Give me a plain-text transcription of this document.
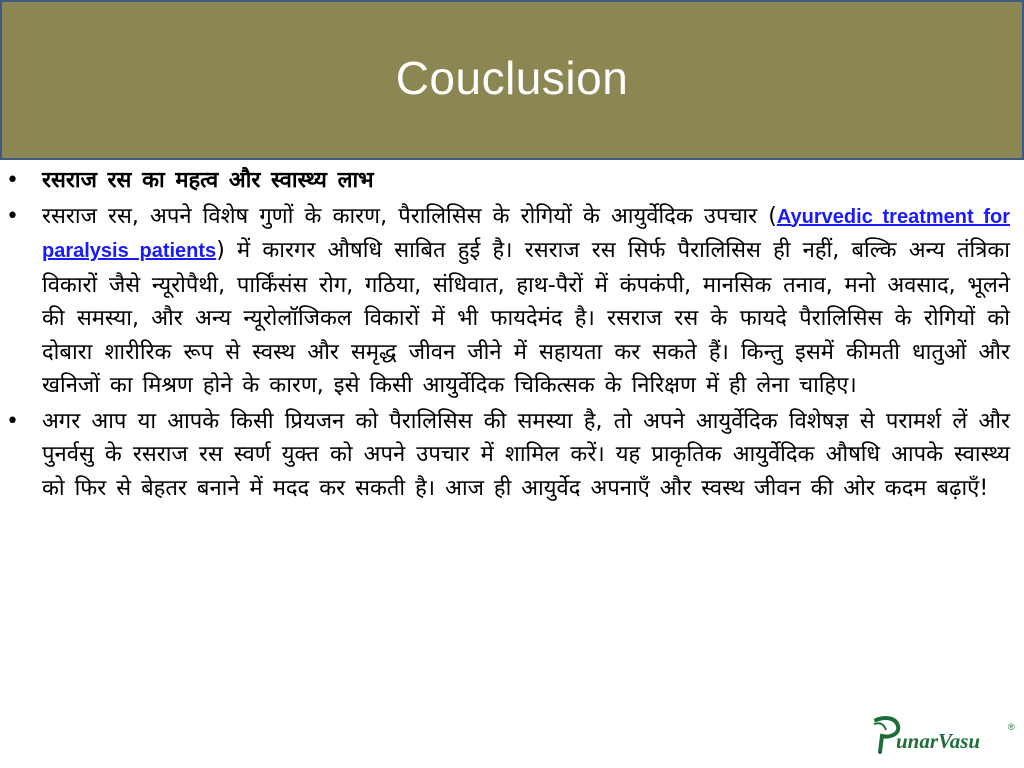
Couclusion
• रसराज रस का महत्व और स्वास्थ्य लाभ
• रसराज रस, अपने विशेष गुणों के कारण, पैरालिसिस के रोगियों के आयुर्वेदिक उपचार (Ayurvedic treatment for paralysis patients) में कारगर औषधि साबित हुई है। रसराज रस सिर्फ पैरालिसिस ही नहीं, बल्कि अन्य तंत्रिका विकारों जैसे न्यूरोपैथी, पार्किंसंस रोग, गठिया, संधिवात, हाथ-पैरों में कंपकंपी, मानसिक तनाव, मनो अवसाद, भूलने की समस्या, और अन्य न्यूरोलॉजिकल विकारों में भी फायदेमंद है। रसराज रस के फायदे पैरालिसिस के रोगियों को दोबारा शारीरिक रूप से स्वस्थ और समृद्ध जीवन जीने में सहायता कर सकते हैं। किन्तु इसमें कीमती धातुओं और खनिजों का मिश्रण होने के कारण, इसे किसी आयुर्वेदिक चिकित्सक के निरिक्षण में ही लेना चाहिए।
• अगर आप या आपके किसी प्रियजन को पैरालिसिस की समस्या है, तो अपने आयुर्वेदिक विशेषज्ञ से परामर्श लें और पुनर्वसु के रसराज रस स्वर्ण युक्त को अपने उपचार में शामिल करें। यह प्राकृतिक आयुर्वेदिक औषधि आपके स्वास्थ्य को फिर से बेहतर बनाने में मदद कर सकती है। आज ही आयुर्वेद अपनाएँ और स्वस्थ जीवन की ओर कदम बढ़ाएँ!
unarVasu
®
